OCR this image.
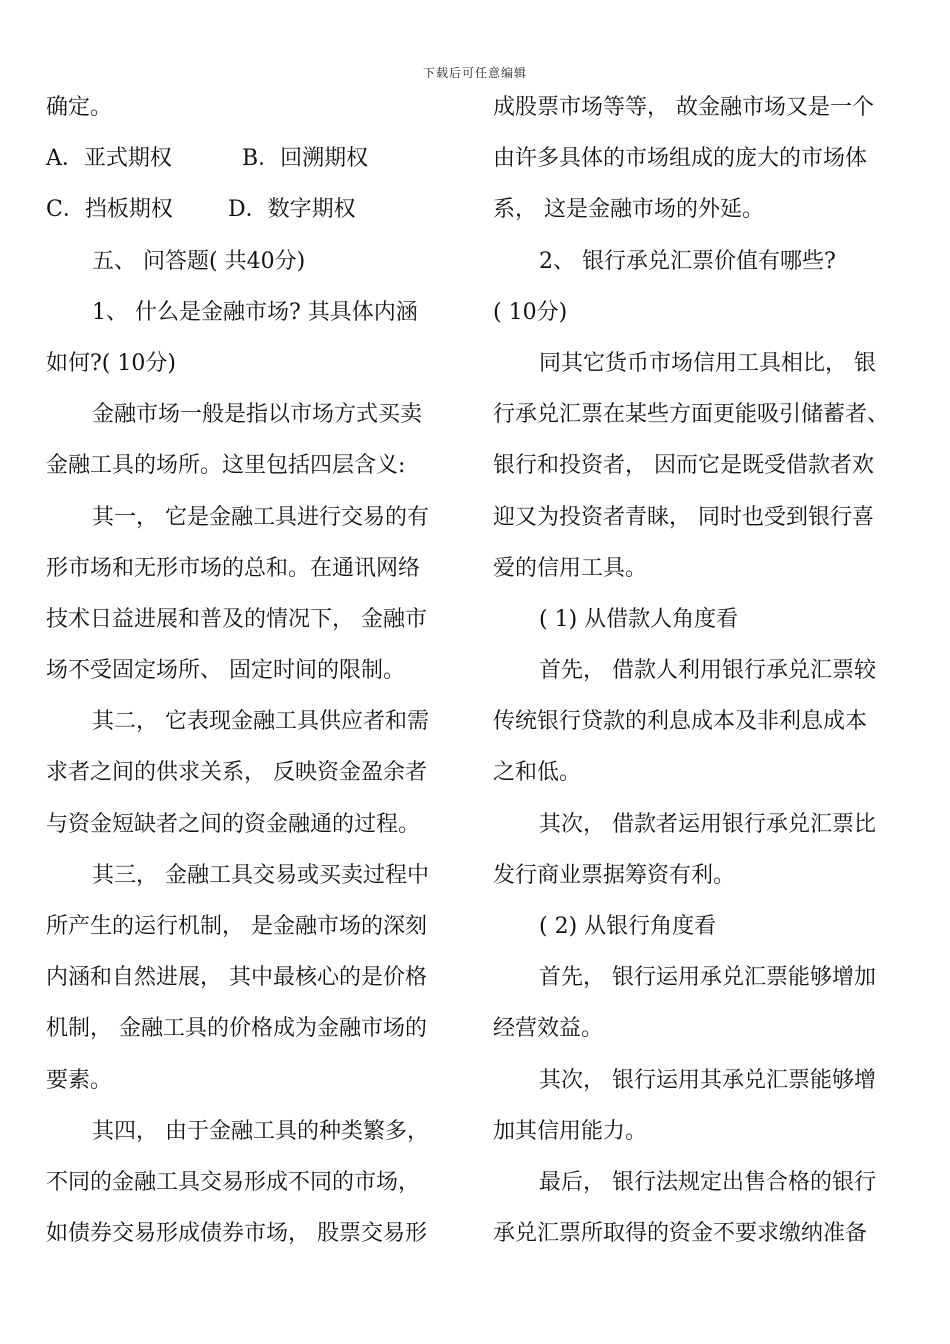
下载后可任意编辑
确定。
A．亚式期权	B．回溯期权
C．挡板期权	D．数字期权
五、 问答题( 共40分)
1、 什么是金融市场? 其具体内涵
如何?( 10分)
金融市场一般是指以市场方式买卖
金融工具的场所。这里包括四层含义:
其一， 它是金融工具进行交易的有
形市场和无形市场的总和。在通讯网络
技术日益进展和普及的情况下， 金融市
场不受固定场所、 固定时间的限制。
其二， 它表现金融工具供应者和需
求者之间的供求关系， 反映资金盈余者
与资金短缺者之间的资金融通的过程。
其三， 金融工具交易或买卖过程中
所产生的运行机制， 是金融市场的深刻
内涵和自然进展， 其中最核心的是价格
机制， 金融工具的价格成为金融市场的
要素。
其四， 由于金融工具的种类繁多，
不同的金融工具交易形成不同的市场，
如债券交易形成债券市场， 股票交易形
成股票市场等等， 故金融市场又是一个
由许多具体的市场组成的庞大的市场体
系， 这是金融市场的外延。
2、 银行承兑汇票价值有哪些?
( 10分)
同其它货币市场信用工具相比， 银
行承兑汇票在某些方面更能吸引储蓄者、
银行和投资者， 因而它是既受借款者欢
迎又为投资者青睐， 同时也受到银行喜
爱的信用工具。
( 1) 从借款人角度看
首先， 借款人利用银行承兑汇票较
传统银行贷款的利息成本及非利息成本
之和低。
其次， 借款者运用银行承兑汇票比
发行商业票据筹资有利。
( 2) 从银行角度看
首先， 银行运用承兑汇票能够增加
经营效益。
其次， 银行运用其承兑汇票能够增
加其信用能力。
最后， 银行法规定出售合格的银行
承兑汇票所取得的资金不要求缴纳准备
